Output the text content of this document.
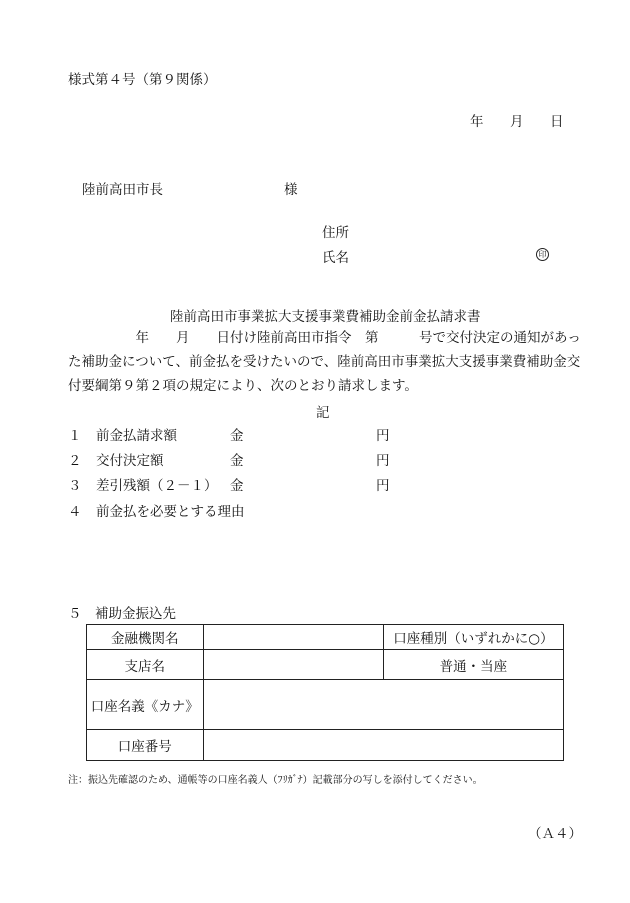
様式第４号（第９関係）
年 月 日
陸前高田市長	様
住所
氏名	印
陸前高田市事業拡大支援事業費補助金前金払請求書
　　　　　年　　月　　日付け陸前高田市指令　第　　　号で交付決定の通知があっ
た補助金について、前金払を受けたいので、陸前高田市事業拡大支援事業費補助金交
付要綱第９第２項の規定により、次のとおり請求します。
記
１ 前金払請求額	金	円
２ 交付決定額	金	円
３ 差引残額（２－１） 金	円
４ 前金払を必要とする理由
５　補助金振込先
金融機関名		口座種別（いずれかに○）
支店名		普通・当座
口座名義《カナ》		
口座番号		
注：振込先確認のため、通帳等の口座名義人（ﾌﾘｶﾞﾅ）記載部分の写しを添付してください。
（Ａ４）
